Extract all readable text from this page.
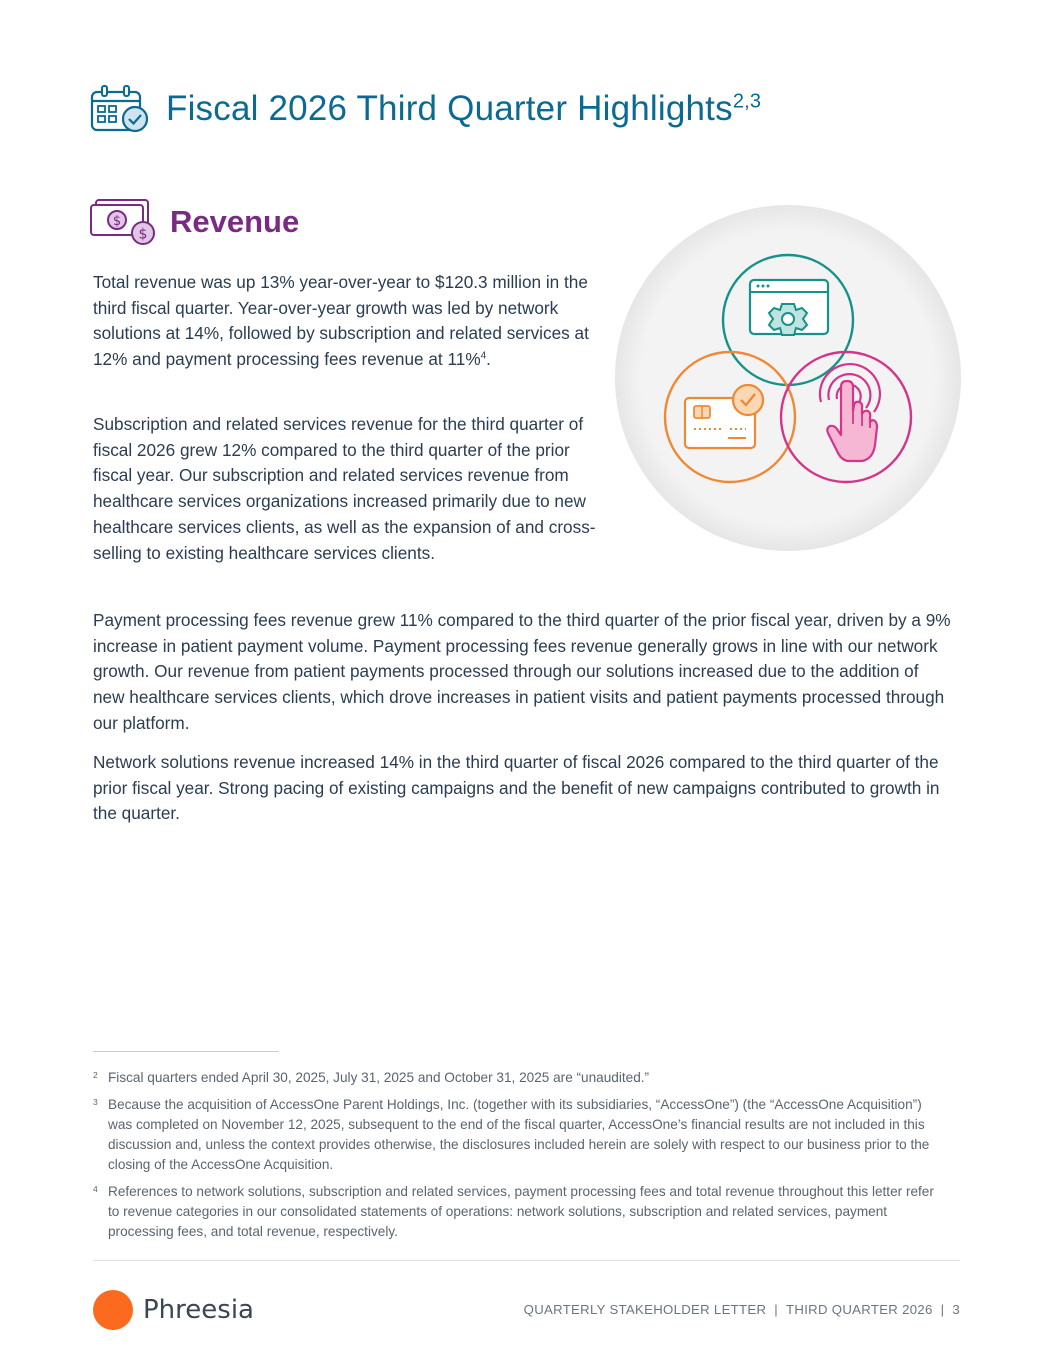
Fiscal 2026 Third Quarter Highlights$^{2,3}$
$
$ Revenue

Total revenue was up 13% year-over-year to $120.3 million in the third fiscal quarter. Year-over-year growth was led by network solutions at 14%, followed by subscription and related services at 12% and payment processing fees revenue at 11%$^4$.

Subscription and related services revenue for the third quarter of fiscal 2026 grew 12% compared to the third quarter of the prior fiscal year. Our subscription and related services revenue from healthcare services organizations increased primarily due to new healthcare services clients, as well as the expansion of and cross-selling to existing healthcare services clients.

Payment processing fees revenue grew 11% compared to the third quarter of the prior fiscal year, driven by a 9% increase in patient payment volume. Payment processing fees revenue generally grows in line with our network growth. Our revenue from patient payments processed through our solutions increased due to the addition of new healthcare services clients, which drove increases in patient visits and patient payments processed through our platform.

Network solutions revenue increased 14% in the third quarter of fiscal 2026 compared to the third quarter of the prior fiscal year. Strong pacing of existing campaigns and the benefit of new campaigns contributed to growth in the quarter.

2 Fiscal quarters ended April 30, 2025, July 31, 2025 and October 31, 2025 are “unaudited.”
3 Because the acquisition of AccessOne Parent Holdings, Inc. (together with its subsidiaries, “AccessOne”) (the “AccessOne Acquisition”) was completed on November 12, 2025, subsequent to the end of the fiscal quarter, AccessOne’s financial results are not included in this discussion and, unless the context provides otherwise, the disclosures included herein are solely with respect to our business prior to the closing of the AccessOne Acquisition.
4 References to network solutions, subscription and related services, payment processing fees and total revenue throughout this letter refer to revenue categories in our consolidated statements of operations: network solutions, subscription and related services, payment processing fees, and total revenue, respectively.
Phreesia	QUARTERLY STAKEHOLDER LETTER | THIRD QUARTER 2026 | 3
